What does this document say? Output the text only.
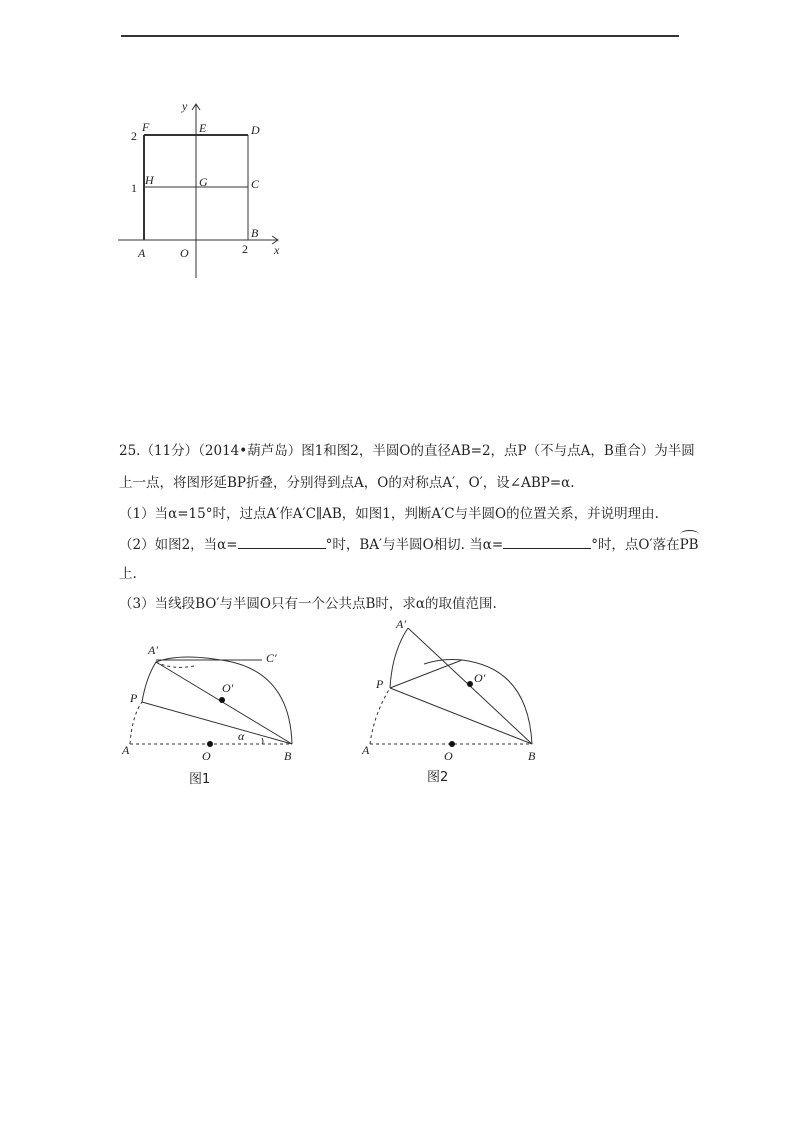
y
x
F	E	D
H	G	C
B
A	O
2
1
2
25.（11分）（2014•葫芦岛）图1和图2，半圆O的直径AB=2，点P（不与点A，B重合）为半圆
上一点，将图形延BP折叠，分别得到点A，O的对称点A′，O′，设∠ABP=α.
（1）当α=15°时，过点A′作A′C∥AB，如图1，判断A′C与半圆O的位置关系，并说明理由.
（2）如图2，当α=	°时，BA′与半圆O相切. 当α=	°时，点O′落在PB
上.
（3）当线段BO′与半圆O只有一个公共点B时，求α的取值范围.
A′
C′
O′
P
A	O	B
α
图1
A′
O′
P
A	O	B
图2
